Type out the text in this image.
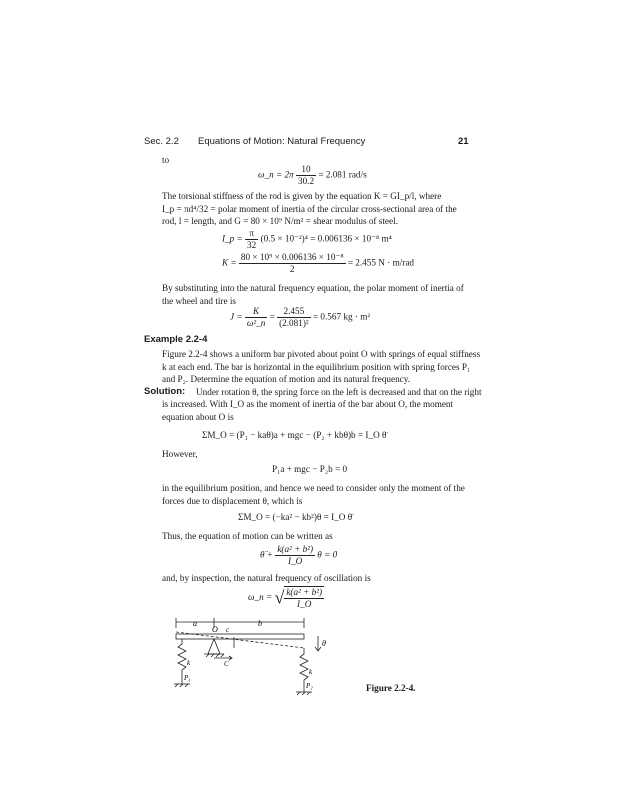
Sec. 2.2 Equations of Motion: Natural Frequency	21
to
ω_n = $2\pi \frac{10}{30.2} = 2.081$ rad/s
The torsional stiffness of the rod is given by the equation K = GI_p/l, where
I_p = πd⁴/32 = polar moment of inertia of the circular cross-sectional area of the
rod, l = length, and G = 80 × 10⁹ N/m² = shear modulus of steel.
I_p = $\frac{\pi}{32} (0.5 \times 10^{-2})^4 = 0.006136 \times 10^{-8}$ m⁴
$K = \frac{\text{80 × 10⁹ × 0.006136 × 10⁻⁸}}{2} = 2.455$ N · m/rad
By substituting into the natural frequency equation, the polar moment of inertia of
the wheel and tire is
$J = \frac{K}{\text{ω²\_n}} = \frac{2.455}{\text{(2.081)²}} = 0.567$ kg · m²
Example 2.2-4
Figure 2.2-4 shows a uniform bar pivoted about point O with springs of equal stiffness
k at each end. The bar is horizontal in the equilibrium position with spring forces P₁
and P₂. Determine the equation of motion and its natural frequency.
Solution: Under rotation θ, the spring force on the left is decreased and that on the right
is increased. With I_O as the moment of inertia of the bar about O, the moment
equation about O is
ΣM_O = (P₁ − kaθ)a + mgc − (P₂ + kbθ)b = I_O θ̈
However,
P₁a + mgc − P₂b = 0
in the equilibrium position, and hence we need to consider only the moment of the
forces due to displacement θ, which is
ΣM_O = (−ka² − kb²)θ = I_O θ̈
Thus, the equation of motion can be written as
θ̈ + $\frac{\text{k(a² + b²)}}{I\_O}$ θ = 0
and, by inspection, the natural frequency of oscillation is
ω_n = √ $\frac{\text{k(a² + b²)}}{I\_O}$
a	b
O c
θ
k
k
P₁
P₂
C
Figure 2.2-4.
